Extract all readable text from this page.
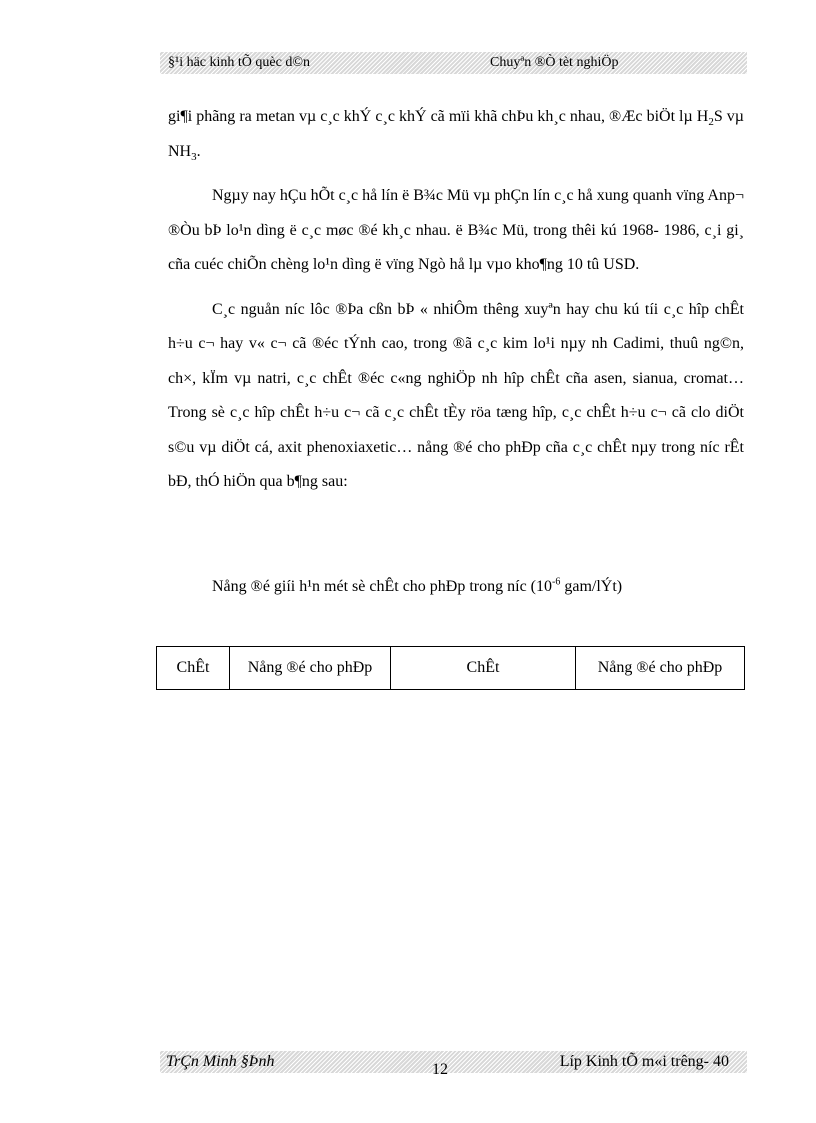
§¹i häc kinh tÕ quèc d©n	Chuyªn ®Ò tèt nghiÖp

gi¶i phãng ra metan vµ c¸c khÝ c¸c khÝ cã mïi khã chÞu kh¸c nhau, ®Æc biÖt lµ $H_2S$ vµ $NH_3$.

Ngµy nay hÇu hÕt c¸c hå lín ë B¾c Mü vµ phÇn lín c¸c hå xung quanh vïng Anp¬ ®Òu bÞ lo¹n dìng ë c¸c møc ®é kh¸c nhau. ë B¾c Mü, trong thêi kú 1968- 1986, c¸i gi¸ cña cuéc chiÕn chèng lo¹n dìng ë vïng Ngò hå lµ vµo kho¶ng 10 tû USD.

C¸c nguån níc lôc ®Þa cßn bÞ « nhiÔm thêng xuyªn hay chu kú tíi c¸c hîp chÊt h÷u c¬ hay v« c¬ cã ®éc tÝnh cao, trong ®ã c¸c kim lo¹i nµy nh Cadimi, thuû ng©n, ch×, kÏm vµ natri, c¸c chÊt ®éc c«ng nghiÖp nh hîp chÊt cña asen, sianua, cromat…Trong sè c¸c hîp chÊt h÷u c¬ cã c¸c chÊt tÈy röa tæng hîp, c¸c chÊt h÷u c¬ cã clo diÖt s©u vµ diÖt cá, axit phenoxiaxetic… nång ®é cho phÐp cña c¸c chÊt nµy trong níc rÊt bÐ, thÓ hiÖn qua b¶ng sau:

Nång ®é giíi h¹n mét sè chÊt cho phÐp trong níc ($10^{-6}$ gam/lÝt)
ChÊt	Nång ®é cho phÐp	ChÊt	Nång ®é cho phÐp
TrÇn Minh §Þnh	12	Líp Kinh tÕ m«i trêng- 40
